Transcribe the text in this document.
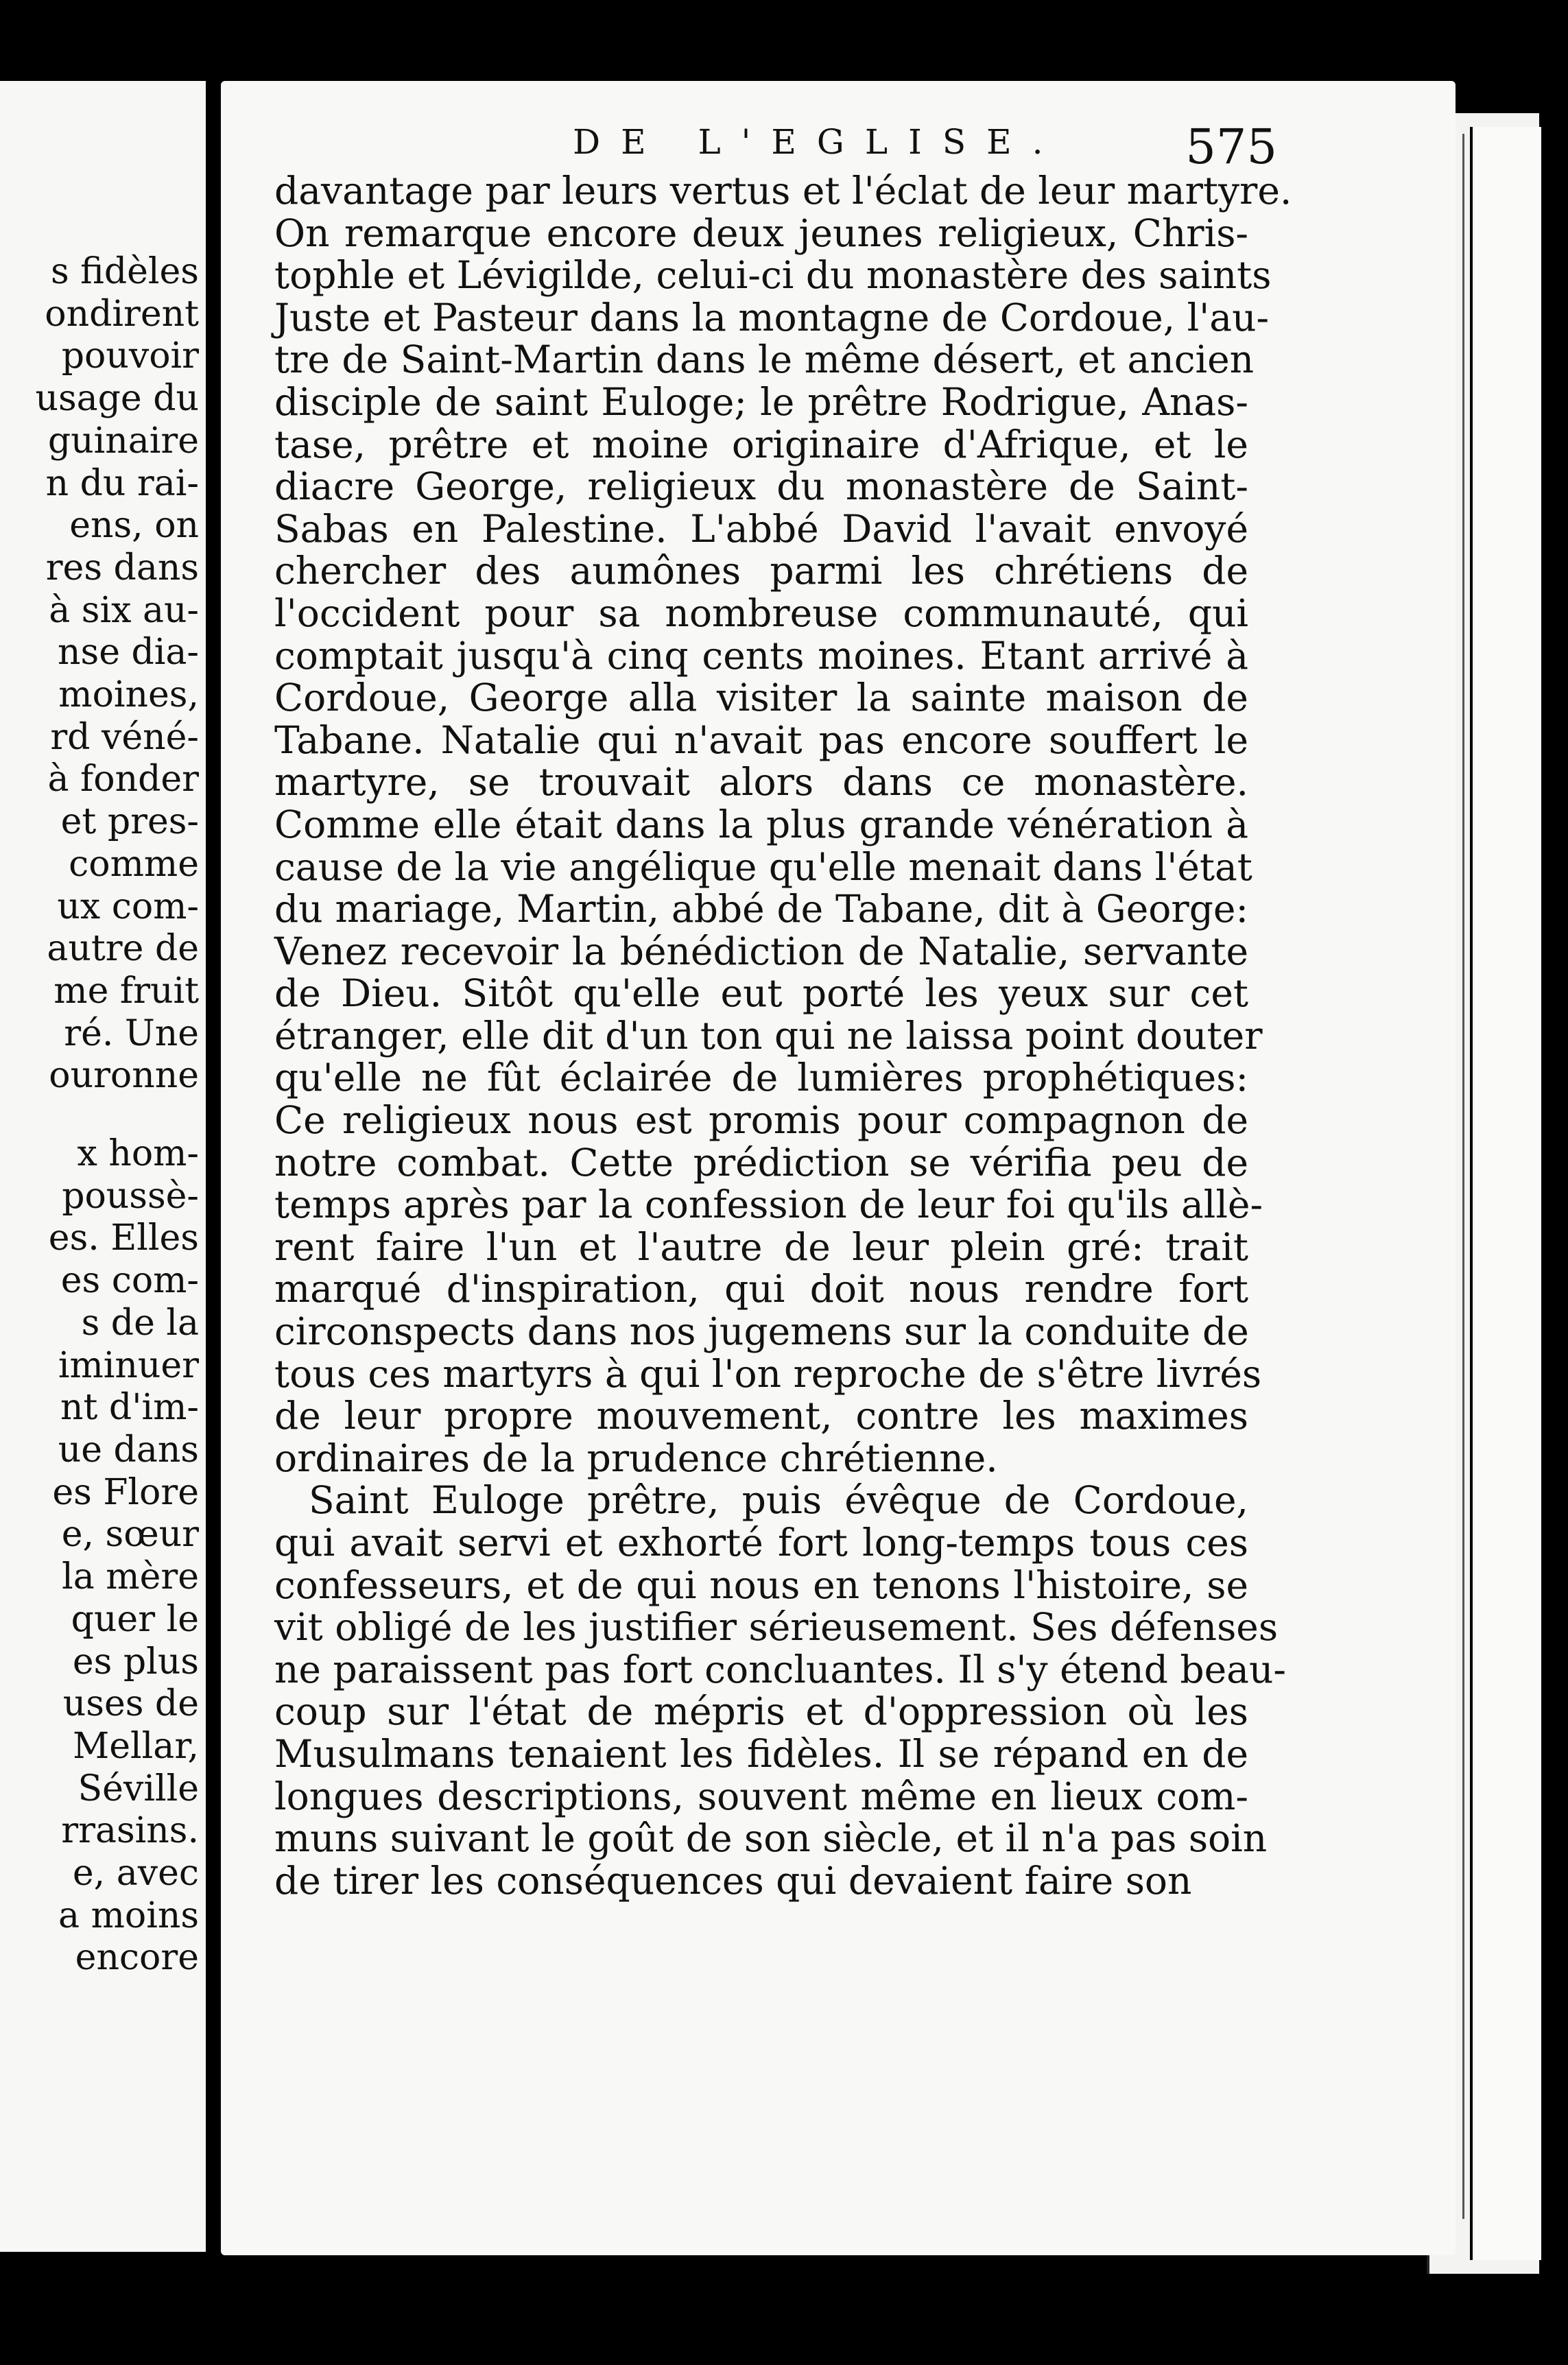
s fidèles
ondirent
pouvoir
usage du
guinaire
n du rai-
ens, on
res dans
à six au-
nse dia-
moines,
rd véné-
à fonder
et pres-
comme
ux com-
autre de
me fruit
ré. Une
ouronne
x hom-
poussè-
es. Elles
es com-
s de la
iminuer
nt d'im-
ue dans
es Flore
e, sœur
la mère
quer le
es plus
uses de
Mellar,
Séville
rrasins.
e, avec
a moins
encore
DE L'EGLISE.	575
davantage par leurs vertus et l'éclat de leur martyre.
On remarque encore deux jeunes religieux, Chris-
tophle et Lévigilde, celui-ci du monastère des saints
Juste et Pasteur dans la montagne de Cordoue, l'au-
tre de Saint-Martin dans le même désert, et ancien
disciple de saint Euloge; le prêtre Rodrigue, Anas-
tase, prêtre et moine originaire d'Afrique, et le
diacre George, religieux du monastère de Saint-
Sabas en Palestine. L'abbé David l'avait envoyé
chercher des aumônes parmi les chrétiens de
l'occident pour sa nombreuse communauté, qui
comptait jusqu'à cinq cents moines. Etant arrivé à
Cordoue, George alla visiter la sainte maison de
Tabane. Natalie qui n'avait pas encore souffert le
martyre, se trouvait alors dans ce monastère.
Comme elle était dans la plus grande vénération à
cause de la vie angélique qu'elle menait dans l'état
du mariage, Martin, abbé de Tabane, dit à George:
Venez recevoir la bénédiction de Natalie, servante
de Dieu. Sitôt qu'elle eut porté les yeux sur cet
étranger, elle dit d'un ton qui ne laissa point douter
qu'elle ne fût éclairée de lumières prophétiques:
Ce religieux nous est promis pour compagnon de
notre combat. Cette prédiction se vérifia peu de
temps après par la confession de leur foi qu'ils allè-
rent faire l'un et l'autre de leur plein gré: trait
marqué d'inspiration, qui doit nous rendre fort
circonspects dans nos jugemens sur la conduite de
tous ces martyrs à qui l'on reproche de s'être livrés
de leur propre mouvement, contre les maximes
ordinaires de la prudence chrétienne.
Saint Euloge prêtre, puis évêque de Cordoue,
qui avait servi et exhorté fort long-temps tous ces
confesseurs, et de qui nous en tenons l'histoire, se
vit obligé de les justifier sérieusement. Ses défenses
ne paraissent pas fort concluantes. Il s'y étend beau-
coup sur l'état de mépris et d'oppression où les
Musulmans tenaient les fidèles. Il se répand en de
longues descriptions, souvent même en lieux com-
muns suivant le goût de son siècle, et il n'a pas soin
de tirer les conséquences qui devaient faire son
